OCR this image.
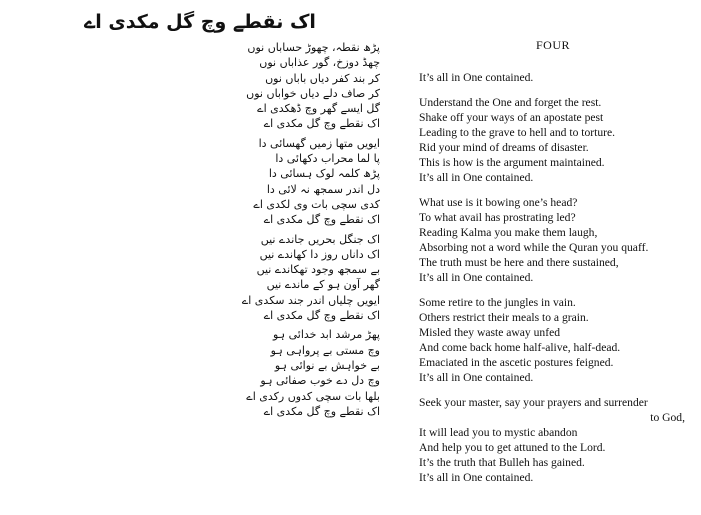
اک نقطے وچ گل مکدی اے
پڑھ نقطہ، چھوڑ حساباں نوں
چھڈ دوزخ، گور عذاباں نوں
کر بند کفر دیاں باباں نوں
کر صاف دلے دیاں خواباں نوں
گل ایسے گھر وچ ڈھکدی اے
اک نقطے وچ گل مکدی اے
ایویں متھا زمیں گھسائی دا
پا لما محراب دکھائی دا
پڑھ کلمہ لوک ہسائی دا
دل اندر سمجھ نہ لائی دا
کدی سچی بات وی لکدی اے
اک نقطے وچ گل مکدی اے
اک جنگل بحریں جاندے نیں
اک داناں روز دا کھاندے نیں
بے سمجھ وجود تھکاندے نیں
گھر آون ہو کے ماندے نیں
ایویں چلیاں اندر جند سکدی اے
اک نقطے وچ گل مکدی اے
پھڑ مرشد ابد خدائی ہو
وچ مستی بے پرواہی ہو
بے خواہش بے نوائی ہو
وچ دل دے خوب صفائی ہو
بلھا بات سچی کدوں رکدی اے
اک نقطے وچ گل مکدی اے
FOUR
It’s all in One contained.
Understand the One and forget the rest.
Shake off your ways of an apostate pest
Leading to the grave to hell and to torture.
Rid your mind of dreams of disaster.
This is how is the argument maintained.
It’s all in One contained.
What use is it bowing one’s head?
To what avail has prostrating led?
Reading Kalma you make them laugh,
Absorbing not a word while the Quran you quaff.
The truth must be here and there sustained,
It’s all in One contained.
Some retire to the jungles in vain.
Others restrict their meals to a grain.
Misled they waste away unfed
And come back home half-alive, half-dead.
Emaciated in the ascetic postures feigned.
It’s all in One contained.
Seek your master, say your prayers and surrender
to God,
It will lead you to mystic abandon
And help you to get attuned to the Lord.
It’s the truth that Bulleh has gained.
It’s all in One contained.
